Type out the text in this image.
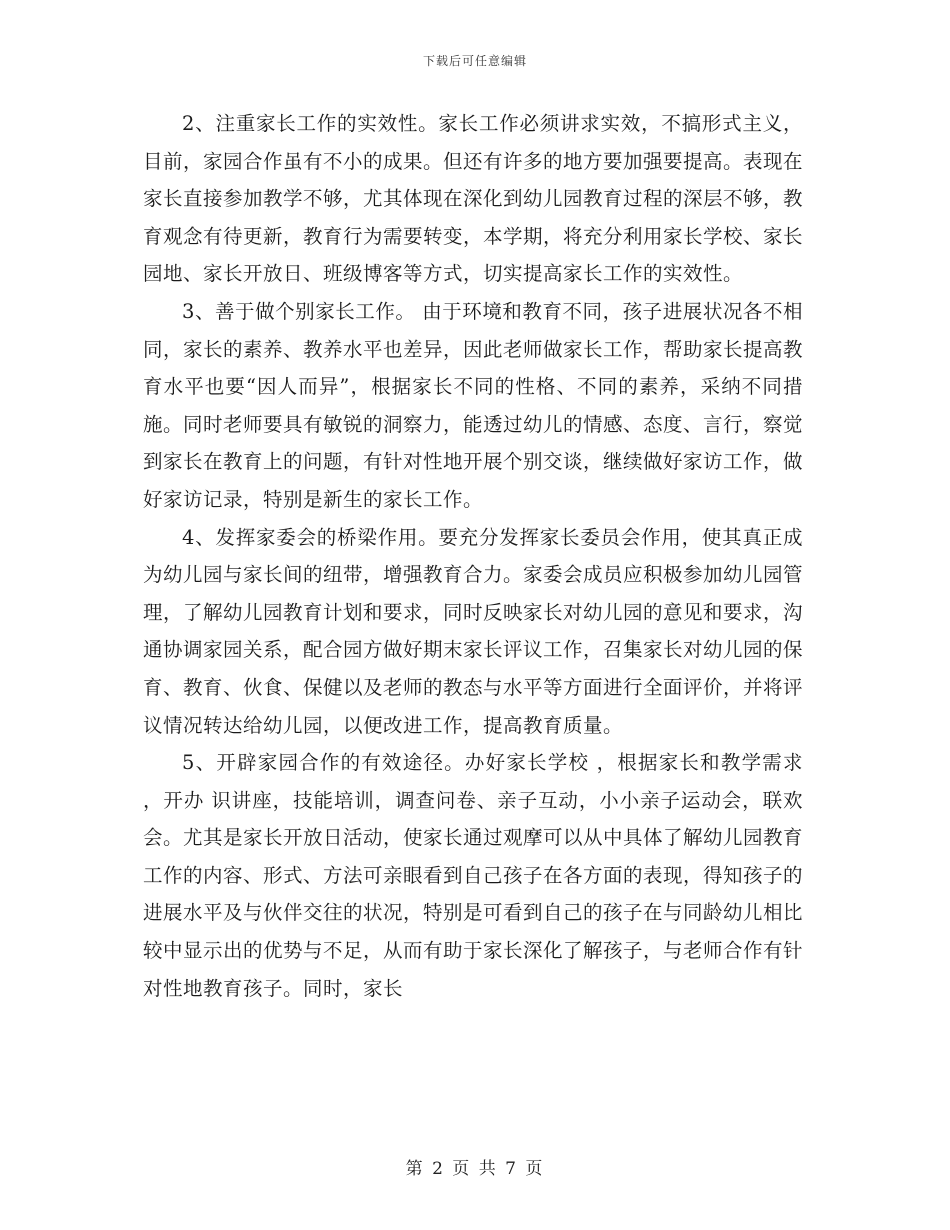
下载后可任意编辑

2、注重家长工作的实效性。家长工作必须讲求实效，不搞形式主义，目前，家园合作虽有不小的成果。但还有许多的地方要加强要提高。表现在家长直接参加教学不够，尤其体现在深化到幼儿园教育过程的深层不够，教育观念有待更新，教育行为需要转变，本学期，将充分利用家长学校、家长园地、家长开放日、班级博客等方式，切实提高家长工作的实效性。

3、善于做个别家长工作。 由于环境和教育不同，孩子进展状况各不相同，家长的素养、教养水平也差异，因此老师做家长工作，帮助家长提高教育水平也要“因人而异”，根据家长不同的性格、不同的素养，采纳不同措施。同时老师要具有敏锐的洞察力，能透过幼儿的情感、态度、言行，察觉到家长在教育上的问题，有针对性地开展个别交谈，继续做好家访工作，做好家访记录，特别是新生的家长工作。

4、发挥家委会的桥梁作用。要充分发挥家长委员会作用，使其真正成为幼儿园与家长间的纽带，增强教育合力。家委会成员应积极参加幼儿园管理，了解幼儿园教育计划和要求，同时反映家长对幼儿园的意见和要求，沟通协调家园关系，配合园方做好期末家长评议工作，召集家长对幼儿园的保育、教育、伙食、保健以及老师的教态与水平等方面进行全面评价，并将评议情况转达给幼儿园，以便改进工作，提高教育质量。

5、开辟家园合作的有效途径。办好家长学校 ，根据家长和教学需求 ，开办 识讲座，技能培训，调查问卷、亲子互动，小小亲子运动会，联欢会。尤其是家长开放日活动，使家长通过观摩可以从中具体了解幼儿园教育工作的内容、形式、方法可亲眼看到自己孩子在各方面的表现，得知孩子的进展水平及与伙伴交往的状况，特别是可看到自己的孩子在与同龄幼儿相比较中显示出的优势与不足，从而有助于家长深化了解孩子，与老师合作有针对性地教育孩子。同时，家长

第 2 页 共 7 页
